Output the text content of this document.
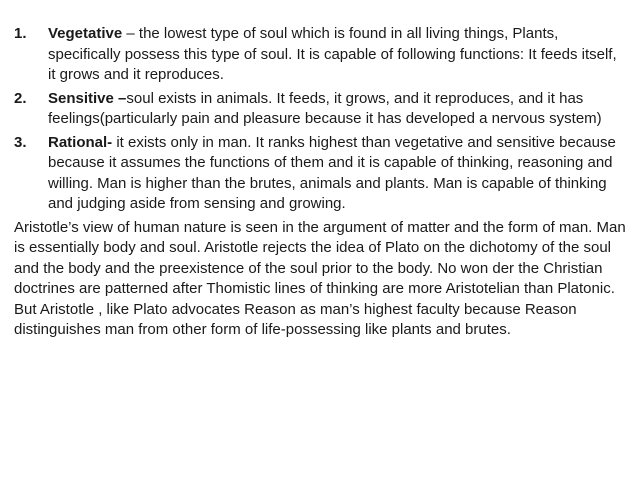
1.	Vegetative – the lowest type of soul which is found in all living things, Plants, specifically possess this type of soul. It is capable of following functions: It feeds itself, it grows and it reproduces.
2.	Sensitive –soul exists in animals. It feeds, it grows, and it reproduces, and it has feelings(particularly pain and pleasure because it has developed a nervous system)
3.	Rational- it exists only in man. It ranks highest than vegetative and sensitive because because it assumes the functions of them and it is capable of thinking, reasoning and willing. Man is higher than the brutes, animals and plants. Man is capable of thinking and judging aside from sensing and growing.

Aristotle’s view of human nature is seen in the argument of matter and the form of man. Man is essentially body and soul. Aristotle rejects the idea of Plato on the dichotomy of the soul and the body and the preexistence of the soul prior to the body. No won der the Christian doctrines are patterned after Thomistic lines of thinking are more Aristotelian than Platonic. But Aristotle , like Plato advocates Reason as man’s highest faculty because Reason distinguishes man from other form of life-possessing like plants and brutes.
